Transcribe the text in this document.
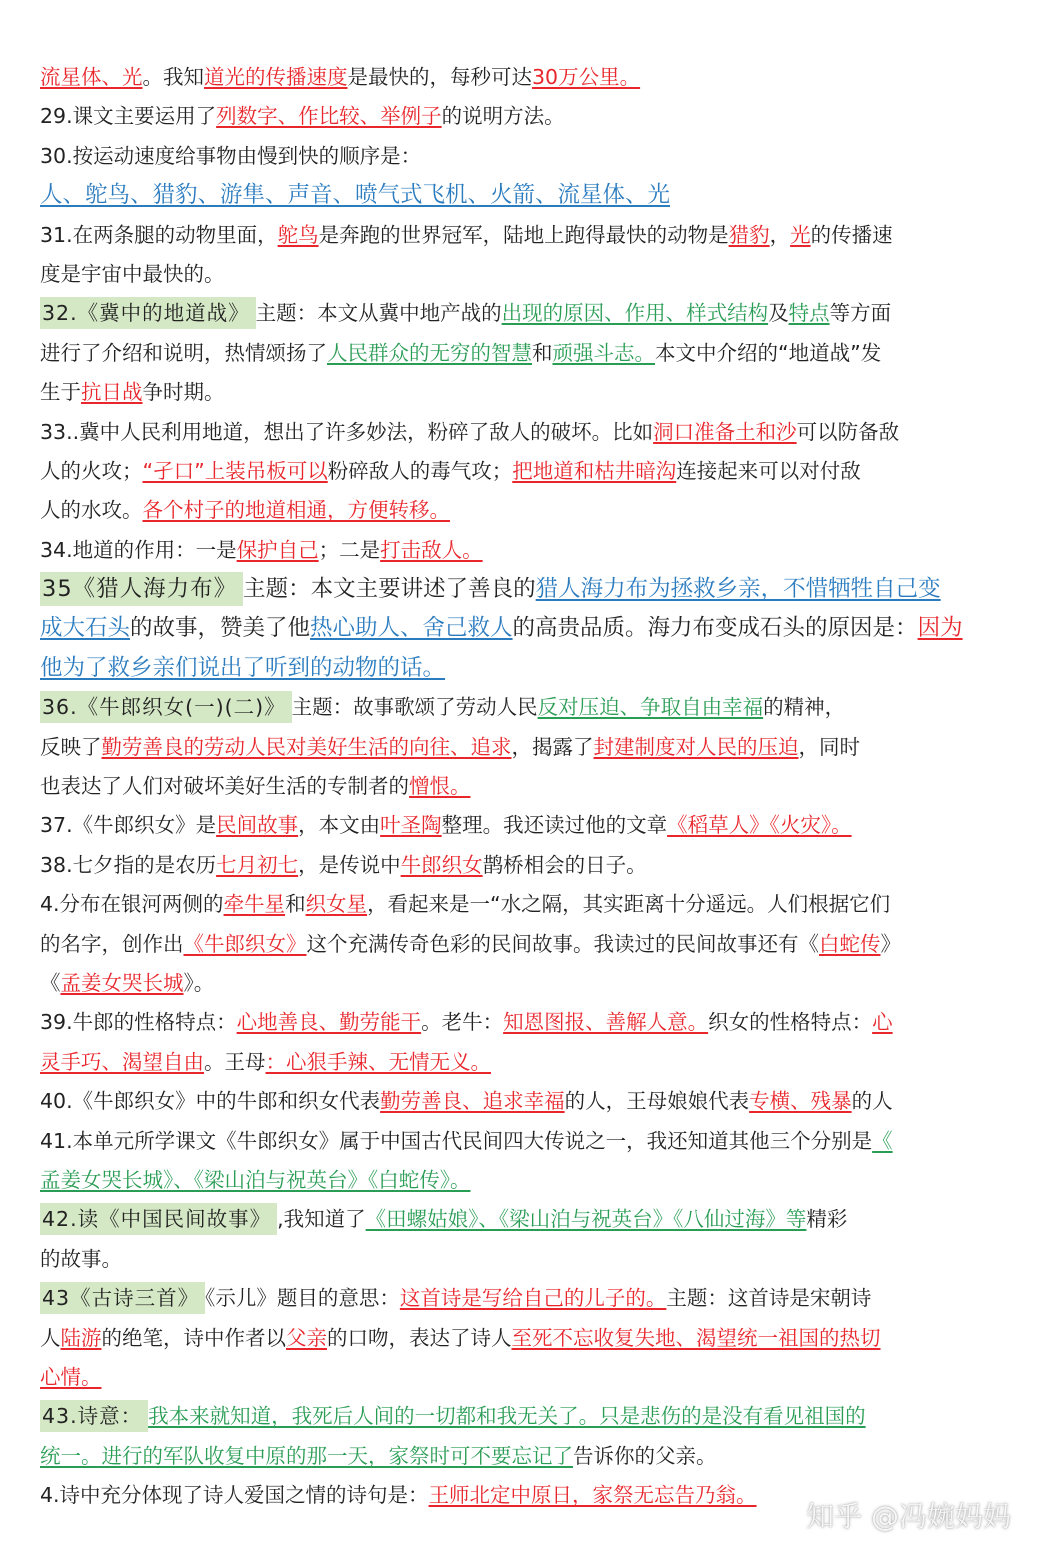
流星体、光。我知道光的传播速度是最快的，每秒可达30万公里。
29.课文主要运用了列数字、作比较、举例子的说明方法。
30.按运动速度给事物由慢到快的顺序是：
人、鸵鸟、猎豹、游隼、声音、喷气式飞机、火箭、流星体、光
31.在两条腿的动物里面，鸵鸟是奔跑的世界冠军，陆地上跑得最快的动物是猎豹，光的传播速
度是宇宙中最快的。
32.《冀中的地道战》 主题：本文从冀中地产战的出现的原因、作用、样式结构及特点等方面
进行了介绍和说明，热情颂扬了人民群众的无穷的智慧和顽强斗志。本文中介绍的“地道战”发
生于抗日战争时期。
33..冀中人民利用地道，想出了许多妙法，粉碎了敌人的破坏。比如洞口准备土和沙可以防备敌
人的火攻；“孑口”上装吊板可以粉碎敌人的毒气攻；把地道和枯井暗沟连接起来可以对付敌
人的水攻。各个村子的地道相通，方便转移。
34.地道的作用：一是保护自己；二是打击敌人。
35《猎人海力布》 主题：本文主要讲述了善良的猎人海力布为拯救乡亲，不惜牺牲自己变
成大石头的故事，赞美了他热心助人、舍己救人的高贵品质。海力布变成石头的原因是：因为
他为了救乡亲们说出了听到的动物的话。
36.《牛郎织女(一)(二)》 主题：故事歌颂了劳动人民反对压迫、争取自由幸福的精神，
反映了勤劳善良的劳动人民对美好生活的向往、追求，揭露了封建制度对人民的压迫，同时
也表达了人们对破坏美好生活的专制者的憎恨。
37.《牛郎织女》是民间故事，本文由叶圣陶整理。我还读过他的文章《稻草人》《火灾》。
38.七夕指的是农历七月初七，是传说中牛郎织女鹊桥相会的日子。
4.分布在银河两侧的牵牛星和织女星，看起来是一“水之隔，其实距离十分遥远。人们根据它们
的名字，创作出《牛郎织女》这个充满传奇色彩的民间故事。我读过的民间故事还有《白蛇传》
《孟姜女哭长城》。
39.牛郎的性格特点：心地善良、勤劳能干。老牛：知恩图报、善解人意。织女的性格特点：心
灵手巧、渴望自由。王母：心狠手辣、无情无义。
40.《牛郎织女》中的牛郎和织女代表勤劳善良、追求幸福的人，王母娘娘代表专横、残暴的人
41.本单元所学课文《牛郎织女》属于中国古代民间四大传说之一，我还知道其他三个分别是《
孟姜女哭长城》、《梁山泊与祝英台》《白蛇传》。
42.读《中国民间故事》 ,我知道了《田螺姑娘》、《梁山泊与祝英台》《八仙过海》等精彩
的故事。
43《古诗三首》 《示儿》题目的意思：这首诗是写给自己的儿子的。主题：这首诗是宋朝诗
人陆游的绝笔，诗中作者以父亲的口吻，表达了诗人至死不忘收复失地、渴望统一祖国的热切
心情。
43.诗意： 我本来就知道，我死后人间的一切都和我无关了。只是悲伤的是没有看见祖国的
统一。进行的军队收复中原的那一天，家祭时可不要忘记了告诉你的父亲。
4.诗中充分体现了诗人爱国之情的诗句是：王师北定中原日，家祭无忘告乃翁。
知乎 @冯婉妈妈
